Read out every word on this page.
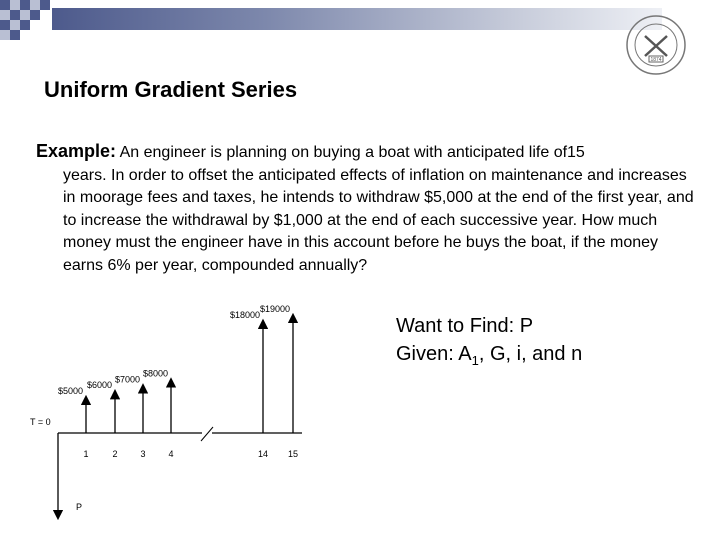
1874
Uniform Gradient Series
Example: An engineer is planning on buying a boat with anticipated life of15
years. In order to offset the anticipated effects of inflation on maintenance and increases in moorage fees and taxes, he intends to withdraw $5,000 at the end of the first year, and to increase the withdrawal by $1,000 at the end of each successive year. How much money must the engineer have in this account before he buys the boat, if the money earns 6% per year, compounded annually?
Want to Find: P
Given: $A_1$, G, i, and n
T = 0
P
$5000
1
$6000
2
$7000
3
$8000
4
$18000
14
$19000
15
